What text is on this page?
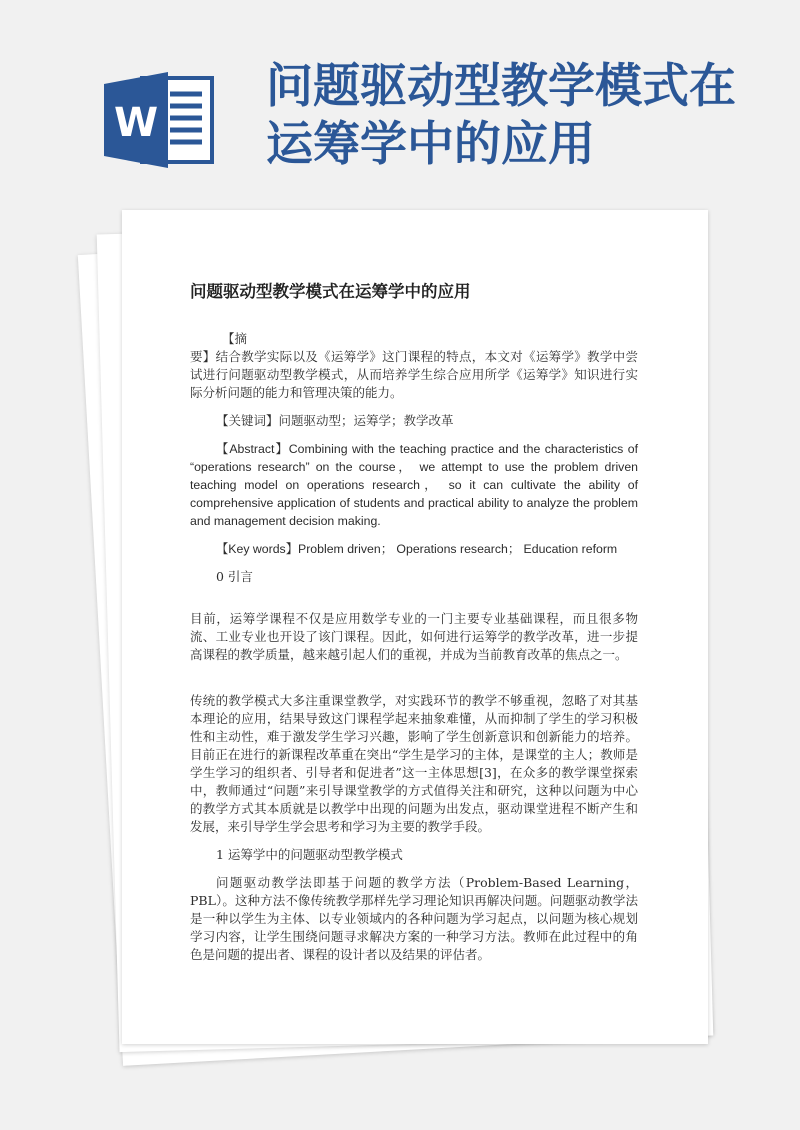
W
问题驱动型教学模式在运筹学中的应用
问题驱动型教学模式在运筹学中的应用

【摘

要】结合教学实际以及《运筹学》这门课程的特点，本文对《运筹学》教学中尝试进行问题驱动型教学模式，从而培养学生综合应用所学《运筹学》知识进行实际分析问题的能力和管理决策的能力。

【关键词】问题驱动型；运筹学；教学改革

【Abstract】Combining with the teaching practice and the characteristics of “operations research” on the course， we attempt to use the problem driven teaching model on operations research， so it can cultivate the ability of comprehensive application of students and practical ability to analyze the problem and management decision making.

【Key words】Problem driven； Operations research； Education reform

0 引言

目前，运筹学课程不仅是应用数学专业的一门主要专业基础课程，而且很多物流、工业专业也开设了该门课程。因此，如何进行运筹学的教学改革，进一步提高课程的教学质量，越来越引起人们的重视，并成为当前教育改革的焦点之一。

传统的教学模式大多注重课堂教学，对实践环节的教学不够重视，忽略了对其基本理论的应用，结果导致这门课程学起来抽象难懂，从而抑制了学生的学习积极性和主动性，难于激发学生学习兴趣，影响了学生创新意识和创新能力的培养。目前正在进行的新课程改革重在突出“学生是学习的主体，是课堂的主人；教师是学生学习的组织者、引导者和促进者”这一主体思想[3]，在众多的教学课堂探索中，教师通过“问题”来引导课堂教学的方式值得关注和研究，这种以问题为中心的教学方式其本质就是以教学中出现的问题为出发点，驱动课堂进程不断产生和发展，来引导学生学会思考和学习为主要的教学手段。

1 运筹学中的问题驱动型教学模式

问题驱动教学法即基于问题的教学方法（Problem-Based Learning，PBL）。这种方法不像传统教学那样先学习理论知识再解决问题。问题驱动教学法是一种以学生为主体、以专业领域内的各种问题为学习起点，以问题为核心规划学习内容，让学生围绕问题寻求解决方案的一种学习方法。教师在此过程中的角色是问题的提出者、课程的设计者以及结果的评估者。
